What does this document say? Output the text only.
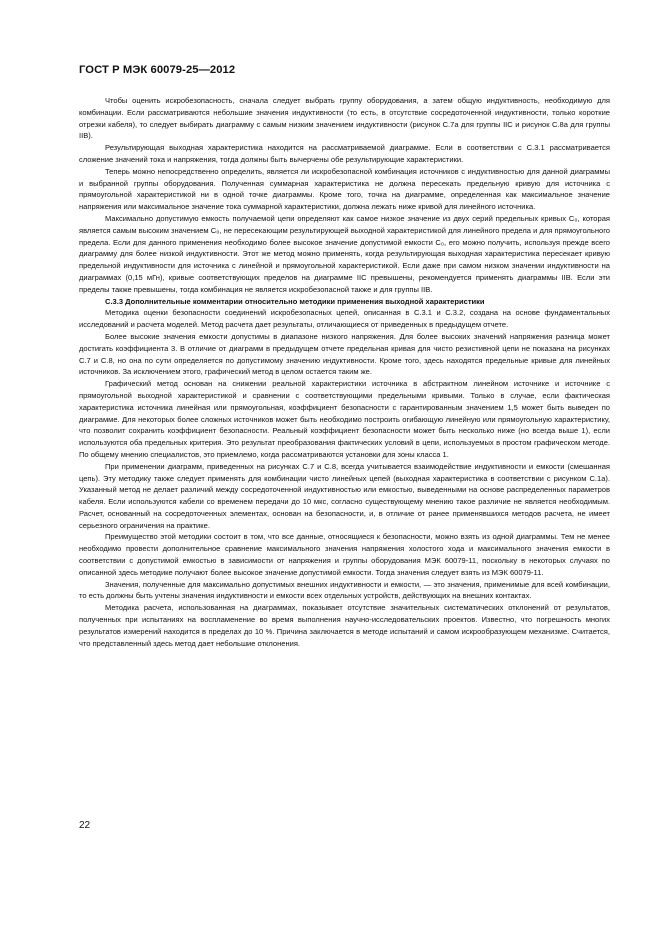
ГОСТ Р МЭК 60079-25—2012

Чтобы оценить искробезопасность, сначала следует выбрать группу оборудования, а затем общую индуктивность, необходимую для комбинации. Если рассматриваются небольшие значения индуктивности (то есть, в отсутствие сосредоточенной индуктивности, только короткие отрезки кабеля), то следует выбирать диаграмму с самым низким значением индуктивности (рисунок С.7а для группы IIC и рисунок С.8а для группы IIB).

Результирующая выходная характеристика находится на рассматриваемой диаграмме. Если в соответствии с С.3.1 рассматривается сложение значений тока и напряжения, тогда должны быть вычерчены обе результирующие характеристики.

Теперь можно непосредственно определить, является ли искробезопасной комбинация источников с индуктивностью для данной диаграммы и выбранной группы оборудования. Полученная суммарная характеристика не должна пересекать предельную кривую для источника с прямоугольной характеристикой ни в одной точке диаграммы. Кроме того, точка на диаграмме, определенная как максимальное значение напряжения или максимальное значение тока суммарной характеристики, должна лежать ниже кривой для линейного источника.

Максимально допустимую емкость получаемой цепи определяют как самое низкое значение из двух серий предельных кривых C₀, которая является самым высоким значением C₀, не пересекающим результирующей выходной характеристикой для линейного предела и для прямоугольного предела. Если для данного применения необходимо более высокое значение допустимой емкости C₀, его можно получить, используя прежде всего диаграмму для более низкой индуктивности. Этот же метод можно применять, когда результирующая выходная характеристика пересекает кривую предельной индуктивности для источника с линейной и прямоугольной характеристикой. Если даже при самом низком значении индуктивности на диаграммах (0,15 мГн), кривые соответствующих пределов на диаграмме IIC превышены, рекомендуется применять диаграммы IIB. Если эти пределы также превышены, тогда комбинация не является искробезопасной также и для группы IIB.

С.3.3 Дополнительные комментарии относительно методики применения выходной характеристики

Методика оценки безопасности соединений искробезопасных цепей, описанная в С.3.1 и С.3.2, создана на основе фундаментальных исследований и расчета моделей. Метод расчета дает результаты, отличающиеся от приведенных в предыдущем отчете.

Более высокие значения емкости допустимы в диапазоне низкого напряжения. Для более высоких значений напряжения разница может достигать коэффициента 3. В отличие от диаграмм в предыдущем отчете предельная кривая для чисто резистивной цепи не показана на рисунках С.7 и С.8, но она по сути определяется по допустимому значению индуктивности. Кроме того, здесь находятся предельные кривые для линейных источников. За исключением этого, графический метод в целом остается таким же.

Графический метод основан на снижении реальной характеристики источника в абстрактном линейном источнике и источнике с прямоугольной выходной характеристикой и сравнении с соответствующими предельными кривыми. Только в случае, если фактическая характеристика источника линейная или прямоугольная, коэффициент безопасности с гарантированным значением 1,5 может быть выведен по диаграмме. Для некоторых более сложных источников может быть необходимо построить огибающую линейную или прямоугольную характеристику, что позволит сохранить коэффициент безопасности. Реальный коэффициент безопасности может быть несколько ниже (но всегда выше 1), если используются оба предельных критерия. Это результат преобразования фактических условий в цепи, используемых в простом графическом методе. По общему мнению специалистов, это приемлемо, когда рассматриваются установки для зоны класса 1.

При применении диаграмм, приведенных на рисунках С.7 и С.8, всегда учитывается взаимодействие индуктивности и емкости (смешанная цепь). Эту методику также следует применять для комбинации чисто линейных цепей (выходная характеристика в соответствии с рисунком С.1а). Указанный метод не делает различий между сосредоточенной индуктивностью или емкостью, выведенными на основе распределенных параметров кабеля. Если используются кабели со временем передачи до 10 мкс, согласно существующему мнению такое различие не является необходимым. Расчет, основанный на сосредоточенных элементах, основан на безопасности, и, в отличие от ранее применявшихся методов расчета, не имеет серьезного ограничения на практике.

Преимущество этой методики состоит в том, что все данные, относящиеся к безопасности, можно взять из одной диаграммы. Тем не менее необходимо провести дополнительное сравнение максимального значения напряжения холостого хода и максимального значения емкости в соответствии с допустимой емкостью в зависимости от напряжения и группы оборудования МЭК 60079-11, поскольку в некоторых случаях по описанной здесь методике получают более высокое значение допустимой емкости. Тогда значения следует взять из МЭК 60079-11.

Значения, полученные для максимально допустимых внешних индуктивности и емкости, — это значения, применимые для всей комбинации, то есть должны быть учтены значения индуктивности и емкости всех отдельных устройств, действующих на внешних контактах.

Методика расчета, использованная на диаграммах, показывает отсутствие значительных систематических отклонений от результатов, полученных при испытаниях на воспламенение во время выполнения научно-исследовательских проектов. Известно, что погрешность многих результатов измерений находится в пределах до 10 %. Причина заключается в методе испытаний и самом искрообразующем механизме. Считается, что представленный здесь метод дает небольшие отклонения.

22
